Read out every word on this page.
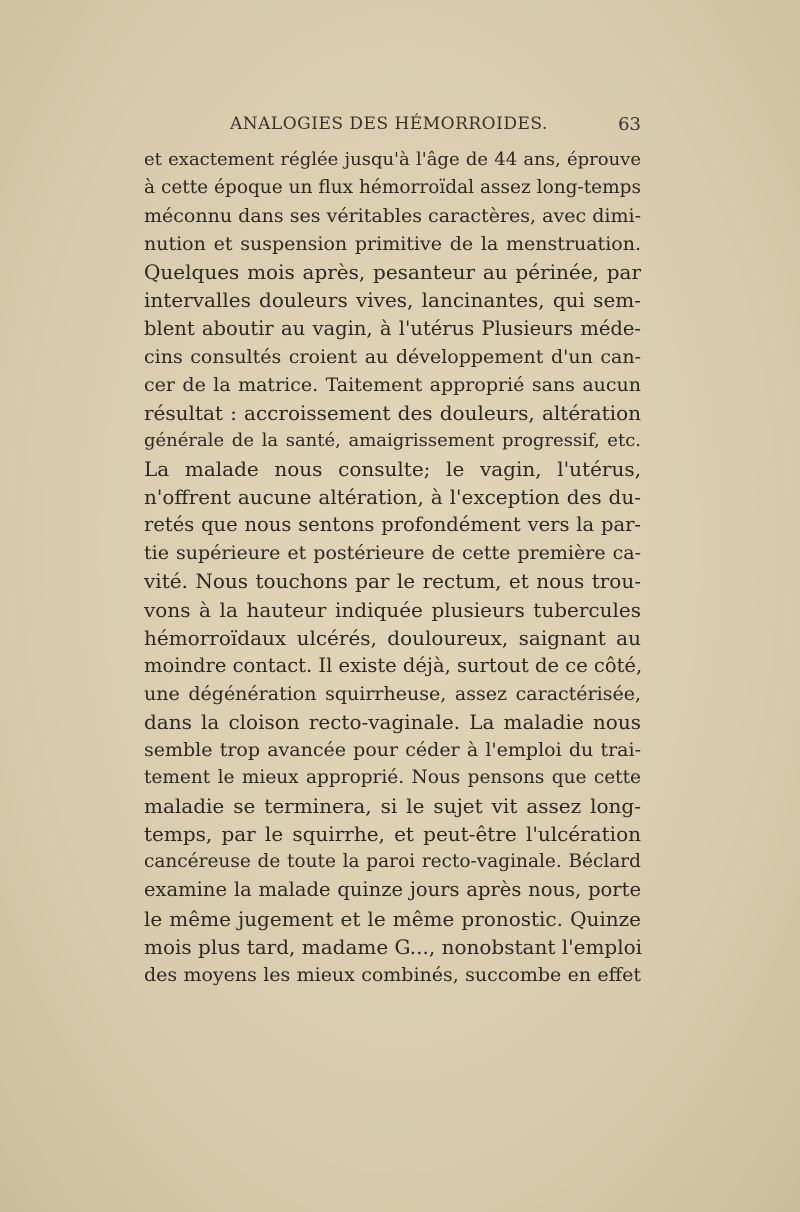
ANALOGIES DES HÉMORROIDES.	63
et exactement réglée jusqu'à l'âge de 44 ans, éprouve
à cette époque un flux hémorroïdal assez long-temps
méconnu dans ses véritables caractères, avec dimi-
nution et suspension primitive de la menstruation.
Quelques mois après, pesanteur au périnée, par
intervalles douleurs vives, lancinantes, qui sem-
blent aboutir au vagin, à l'utérus Plusieurs méde-
cins consultés croient au développement d'un can-
cer de la matrice. Taitement approprié sans aucun
résultat : accroissement des douleurs, altération
générale de la santé, amaigrissement progressif, etc.
La malade nous consulte; le vagin, l'utérus,
n'offrent aucune altération, à l'exception des du-
retés que nous sentons profondément vers la par-
tie supérieure et postérieure de cette première ca-
vité. Nous touchons par le rectum, et nous trou-
vons à la hauteur indiquée plusieurs tubercules
hémorroïdaux ulcérés, douloureux, saignant au
moindre contact. Il existe déjà, surtout de ce côté,
une dégénération squirrheuse, assez caractérisée,
dans la cloison recto-vaginale. La maladie nous
semble trop avancée pour céder à l'emploi du trai-
tement le mieux approprié. Nous pensons que cette
maladie se terminera, si le sujet vit assez long-
temps, par le squirrhe, et peut-être l'ulcération
cancéreuse de toute la paroi recto-vaginale. Béclard
examine la malade quinze jours après nous, porte
le même jugement et le même pronostic. Quinze
mois plus tard, madame G..., nonobstant l'emploi
des moyens les mieux combinés, succombe en effet
